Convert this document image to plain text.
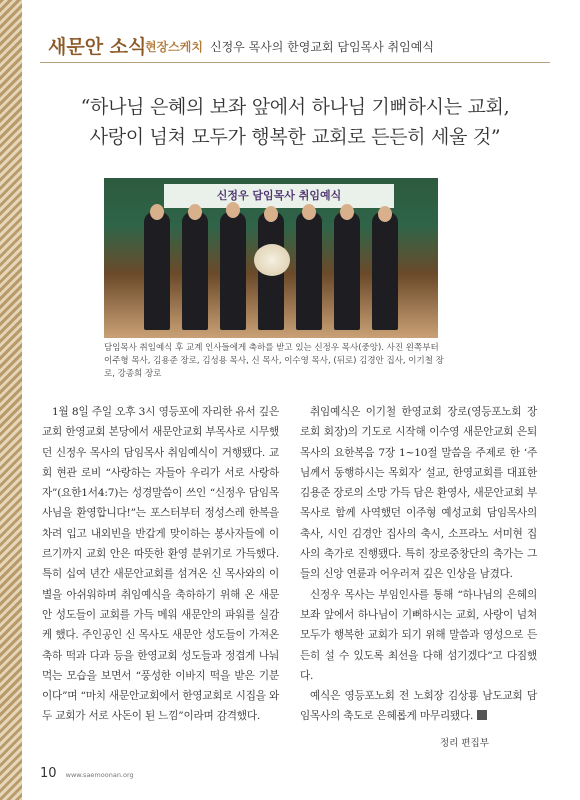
새문안 소식
현장스케치 신정우 목사의 한영교회 담임목사 취임예식
“하나님 은혜의 보좌 앞에서 하나님 기뻐하시는 교회,
사랑이 넘쳐 모두가 행복한 교회로 든든히 세울 것”
신정우 담임목사 취임예식
담임목사 취임예식 후 교계 인사들에게 축하를 받고 있는 신정우 목사(중앙). 사진 왼쪽부터 이주형 목사, 김용준 장로, 김성용 목사, 신 목사, 이수영 목사, (뒤로) 김경안 집사, 이기철 장로, 강종희 장로

1월 8일 주일 오후 3시 영등포에 자리한 유서 깊은 교회 한영교회 본당에서 새문안교회 부목사로 시무했던 신정우 목사의 담임목사 취임예식이 거행됐다. 교회 현관 로비 “사랑하는 자들아 우리가 서로 사랑하자”(요한1서4:7)는 성경말씀이 쓰인 “신정우 담임목사님을 환영합니다!”는 포스터부터 정성스레 한복을 차려 입고 내외빈을 반갑게 맞이하는 봉사자들에 이르기까지 교회 안은 따뜻한 환영 분위기로 가득했다. 특히 십여 년간 새문안교회를 섬겨온 신 목사와의 이별을 아쉬워하며 취임예식을 축하하기 위해 온 새문안 성도들이 교회를 가득 메워 새문안의 파워를 실감케 했다. 주인공인 신 목사도 새문안 성도들이 가져온 축하 떡과 다과 등을 한영교회 성도들과 정겹게 나눠먹는 모습을 보면서 “풍성한 이바지 떡을 받은 기분이다”며 “마치 새문안교회에서 한영교회로 시집을 와 두 교회가 서로 사돈이 된 느낌”이라며 감격했다.

취임예식은 이기철 한영교회 장로(영등포노회 장로회 회장)의 기도로 시작해 이수영 새문안교회 은퇴목사의 요한복음 7장 1~10절 말씀을 주제로 한 ‘주님께서 동행하시는 목회자’ 설교, 한영교회를 대표한 김용준 장로의 소망 가득 담은 환영사, 새문안교회 부목사로 함께 사역했던 이주형 예성교회 담임목사의 축사, 시인 김경안 집사의 축시, 소프라노 서미현 집사의 축가로 진행됐다. 특히 장로중창단의 축가는 그들의 신앙 연륜과 어우러져 깊은 인상을 남겼다.

신정우 목사는 부임인사를 통해 “하나님의 은혜의 보좌 앞에서 하나님이 기뻐하시는 교회, 사랑이 넘쳐 모두가 행복한 교회가 되기 위해 말씀과 영성으로 든든히 설 수 있도록 최선을 다해 섬기겠다”고 다짐했다.

예식은 영등포노회 전 노회장 김상룡 남도교회 담임목사의 축도로 은혜롭게 마무리됐다.

정리 편집부
10 www.saemoonan.org
